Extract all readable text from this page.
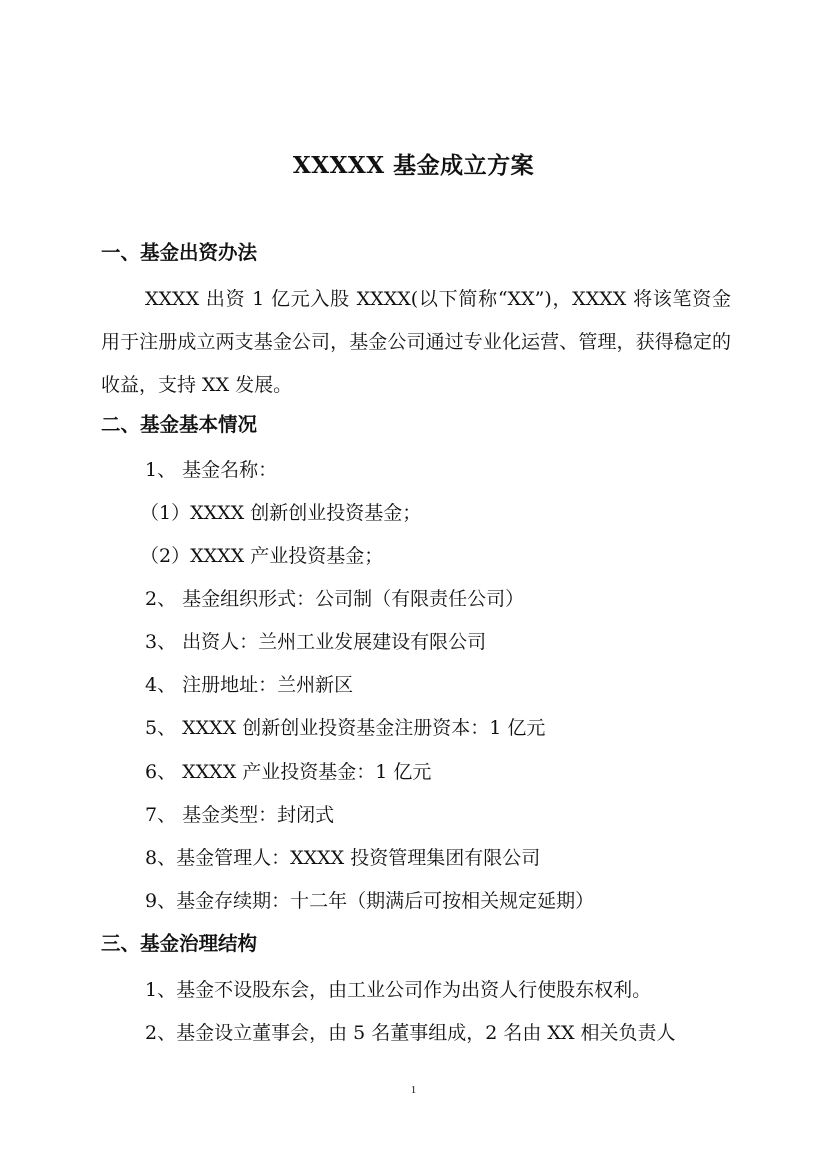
XXXXX 基金成立方案
一、基金出资办法
XXXX 出资 1 亿元入股 XXXX(以下简称“XX”)，XXXX 将该笔资金用于注册成立两支基金公司，基金公司通过专业化运营、管理，获得稳定的收益，支持 XX 发展。
二、基金基本情况
1、 基金名称：
（1）XXXX 创新创业投资基金；
（2）XXXX 产业投资基金；
2、 基金组织形式：公司制（有限责任公司）
3、 出资人：兰州工业发展建设有限公司
4、 注册地址：兰州新区
5、 XXXX 创新创业投资基金注册资本：1 亿元
6、 XXXX 产业投资基金：1 亿元
7、 基金类型：封闭式
8、基金管理人：XXXX 投资管理集团有限公司
9、基金存续期：十二年（期满后可按相关规定延期）
三、基金治理结构
1、基金不设股东会，由工业公司作为出资人行使股东权利。
2、基金设立董事会，由 5 名董事组成，2 名由 XX 相关负责人
1
